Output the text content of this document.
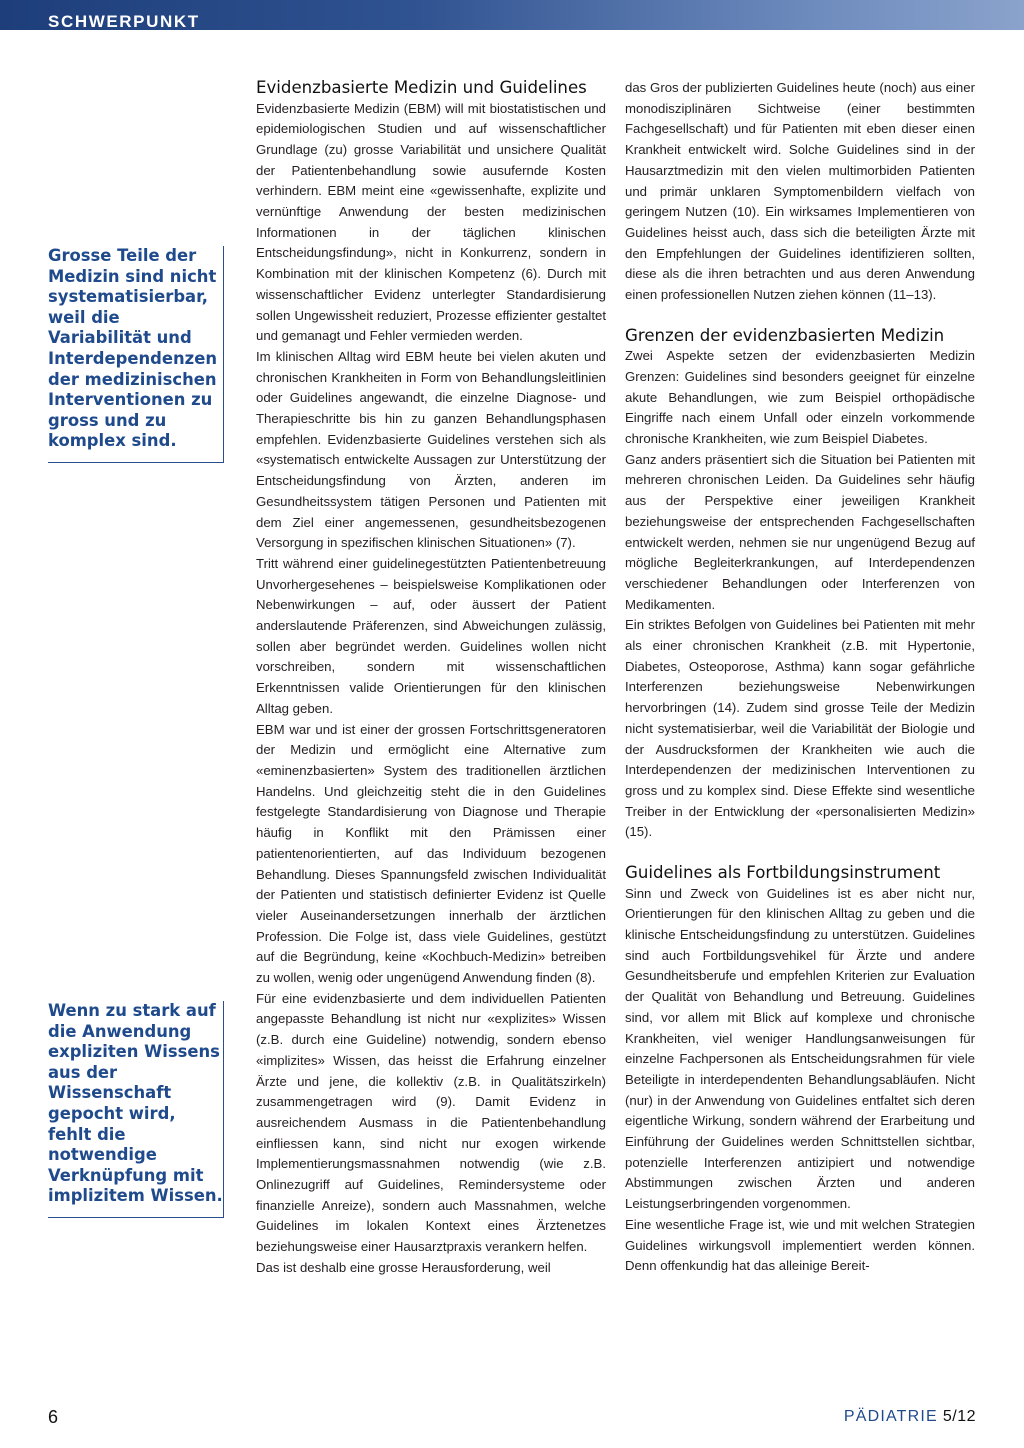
SCHWERPUNKT

Grosse Teile der Medizin sind nicht systematisierbar, weil die Variabilität und Interdependenzen der medizinischen Interventionen zu gross und zu komplex sind.

Wenn zu stark auf die Anwendung expliziten Wissens aus der Wissenschaft gepocht wird, fehlt die notwendige Verknüpfung mit implizitem Wissen.

Evidenzbasierte Medizin und Guidelines

Evidenzbasierte Medizin (EBM) will mit biostatistischen und epidemiologischen Studien und auf wissenschaftlicher Grundlage (zu) grosse Variabilität und unsichere Qualität der Patientenbehandlung sowie ausufernde Kosten verhindern. EBM meint eine «gewissenhafte, explizite und vernünftige Anwendung der besten medizinischen Informationen in der täglichen klinischen Entscheidungsfindung», nicht in Konkurrenz, sondern in Kombination mit der klinischen Kompetenz (6). Durch mit wissenschaftlicher Evidenz unterlegter Standardisierung sollen Ungewissheit reduziert, Prozesse effizienter gestaltet und gemanagt und Fehler vermieden werden.

Im klinischen Alltag wird EBM heute bei vielen akuten und chronischen Krankheiten in Form von Behandlungsleitlinien oder Guidelines angewandt, die einzelne Diagnose- und Therapieschritte bis hin zu ganzen Behandlungsphasen empfehlen. Evidenzbasierte Guidelines verstehen sich als «systematisch entwickelte Aussagen zur Unterstützung der Entscheidungsfindung von Ärzten, anderen im Gesundheitssystem tätigen Personen und Patienten mit dem Ziel einer angemessenen, gesundheitsbezogenen Versorgung in spezifischen klinischen Situationen» (7).

Tritt während einer guidelinegestützten Patientenbetreuung Unvorhergesehenes – beispielsweise Komplikationen oder Nebenwirkungen – auf, oder äussert der Patient anderslautende Präferenzen, sind Abweichungen zulässig, sollen aber begründet werden. Guidelines wollen nicht vorschreiben, sondern mit wissenschaftlichen Erkenntnissen valide Orientierungen für den klinischen Alltag geben.

EBM war und ist einer der grossen Fortschrittsgeneratoren der Medizin und ermöglicht eine Alternative zum «eminenzbasierten» System des traditionellen ärztlichen Handelns. Und gleichzeitig steht die in den Guidelines festgelegte Standardisierung von Diagnose und Therapie häufig in Konflikt mit den Prämissen einer patientenorientierten, auf das Individuum bezogenen Behandlung. Dieses Spannungsfeld zwischen Individualität der Patienten und statistisch definierter Evidenz ist Quelle vieler Auseinandersetzungen innerhalb der ärztlichen Profession. Die Folge ist, dass viele Guidelines, gestützt auf die Begründung, keine «Kochbuch-Medizin» betreiben zu wollen, wenig oder ungenügend Anwendung finden (8).

Für eine evidenzbasierte und dem individuellen Patienten angepasste Behandlung ist nicht nur «explizites» Wissen (z.B. durch eine Guideline) notwendig, sondern ebenso «implizites» Wissen, das heisst die Erfahrung einzelner Ärzte und jene, die kollektiv (z.B. in Qualitätszirkeln) zusammengetragen wird (9). Damit Evidenz in ausreichendem Ausmass in die Patientenbehandlung einfliessen kann, sind nicht nur exogen wirkende Implementierungsmassnahmen notwendig (wie z.B. Onlinezugriff auf Guidelines, Remindersysteme oder finanzielle Anreize), sondern auch Massnahmen, welche Guidelines im lokalen Kontext eines Ärztenetzes beziehungsweise einer Hausarztpraxis verankern helfen.

Das ist deshalb eine grosse Herausforderung, weil

das Gros der publizierten Guidelines heute (noch) aus einer monodisziplinären Sichtweise (einer bestimmten Fachgesellschaft) und für Patienten mit eben dieser einen Krankheit entwickelt wird. Solche Guidelines sind in der Hausarztmedizin mit den vielen multimorbiden Patienten und primär unklaren Symptomenbildern vielfach von geringem Nutzen (10). Ein wirksames Implementieren von Guidelines heisst auch, dass sich die beteiligten Ärzte mit den Empfehlungen der Guidelines identifizieren sollten, diese als die ihren betrachten und aus deren Anwendung einen professionellen Nutzen ziehen können (11–13).

Grenzen der evidenzbasierten Medizin

Zwei Aspekte setzen der evidenzbasierten Medizin Grenzen: Guidelines sind besonders geeignet für einzelne akute Behandlungen, wie zum Beispiel orthopädische Eingriffe nach einem Unfall oder einzeln vorkommende chronische Krankheiten, wie zum Beispiel Diabetes.

Ganz anders präsentiert sich die Situation bei Patienten mit mehreren chronischen Leiden. Da Guidelines sehr häufig aus der Perspektive einer jeweiligen Krankheit beziehungsweise der entsprechenden Fachgesellschaften entwickelt werden, nehmen sie nur ungenügend Bezug auf mögliche Begleiterkrankungen, auf Interdependenzen verschiedener Behandlungen oder Interferenzen von Medikamenten.

Ein striktes Befolgen von Guidelines bei Patienten mit mehr als einer chronischen Krankheit (z.B. mit Hypertonie, Diabetes, Osteoporose, Asthma) kann sogar gefährliche Interferenzen beziehungsweise Nebenwirkungen hervorbringen (14). Zudem sind grosse Teile der Medizin nicht systematisierbar, weil die Variabilität der Biologie und der Ausdrucksformen der Krankheiten wie auch die Interdependenzen der medizinischen Interventionen zu gross und zu komplex sind. Diese Effekte sind wesentliche Treiber in der Entwicklung der «personalisierten Medizin» (15).

Guidelines als Fortbildungsinstrument

Sinn und Zweck von Guidelines ist es aber nicht nur, Orientierungen für den klinischen Alltag zu geben und die klinische Entscheidungsfindung zu unterstützen. Guidelines sind auch Fortbildungsvehikel für Ärzte und andere Gesundheitsberufe und empfehlen Kriterien zur Evaluation der Qualität von Behandlung und Betreuung. Guidelines sind, vor allem mit Blick auf komplexe und chronische Krankheiten, viel weniger Handlungsanweisungen für einzelne Fachpersonen als Entscheidungsrahmen für viele Beteiligte in interdependenten Behandlungsabläufen. Nicht (nur) in der Anwendung von Guidelines entfaltet sich deren eigentliche Wirkung, sondern während der Erarbeitung und Einführung der Guidelines werden Schnittstellen sichtbar, potenzielle Interferenzen antizipiert und notwendige Abstimmungen zwischen Ärzten und anderen Leistungserbringenden vorgenommen.

Eine wesentliche Frage ist, wie und mit welchen Strategien Guidelines wirkungsvoll implementiert werden können. Denn offenkundig hat das alleinige Bereit-

6	PÄDIATRIE 5/12
